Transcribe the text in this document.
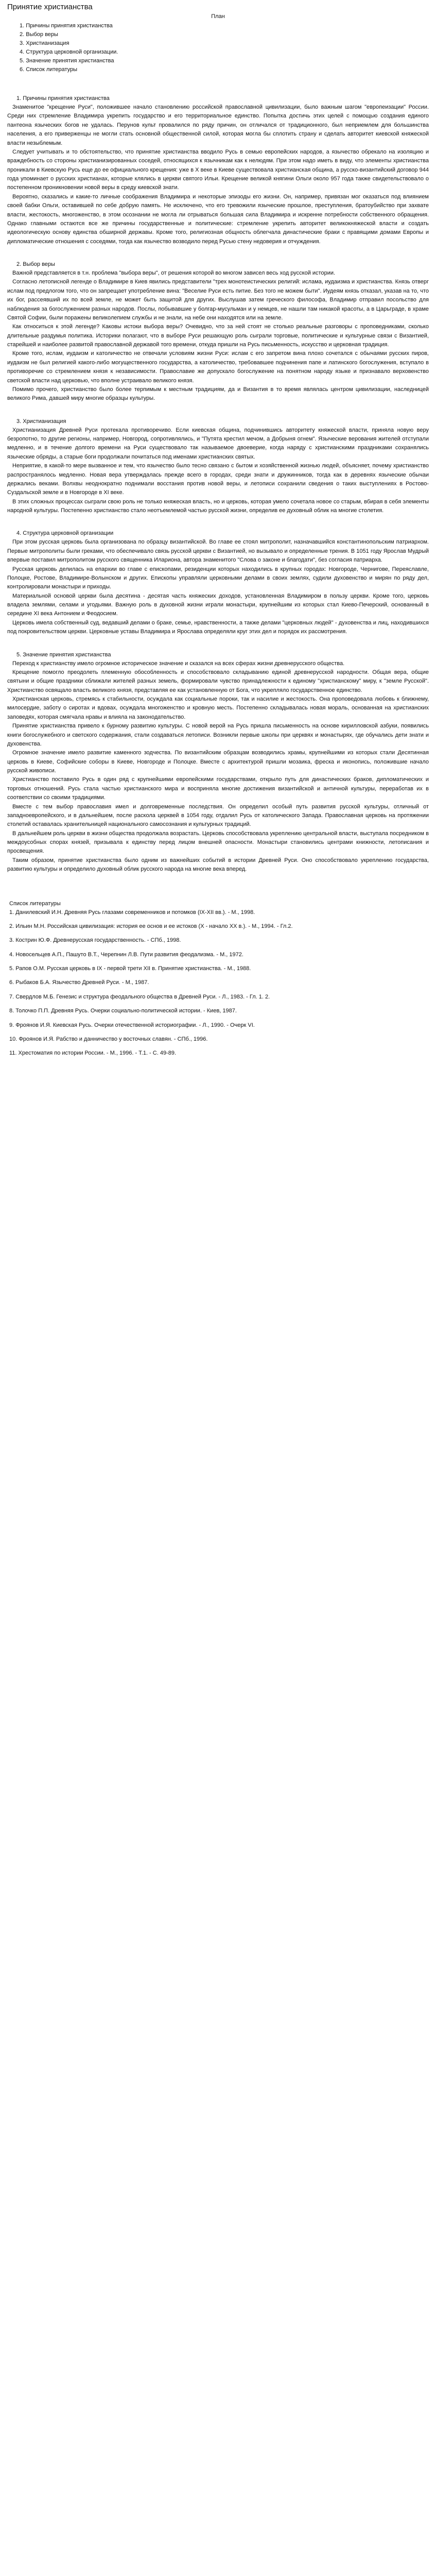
Принятие христианства
План
1. Причины принятия христианства
2. Выбор веры
3. Христианизация
4. Структура церковной организации.
5. Значение принятия христианства
6. Список литературы
1. Причины принятия христианства

Знаменитое "крещение Руси", положившее начало становлению российской православной цивилизации, было важным шагом "европеизации" России. Среди них стремление Владимира укрепить государство и его территориальное единство. Попытка достичь этих целей с помощью создания единого пантеона языческих богов не удалась. Перунов культ провалился по ряду причин, он отличался от традиционного, был неприемлем для большинства населения, а его приверженцы не могли стать основной общественной силой, которая могла бы сплотить страну и сделать авторитет киевской княжеской власти незыблемым.

Следует учитывать и то обстоятельство, что принятие христианства вводило Русь в семью европейских народов, а язычество обрекало на изоляцию и враждебность со стороны христианизированных соседей, относящихся к язычникам как к нелюдям. При этом надо иметь в виду, что элементы христианства проникали в Киевскую Русь еще до ее официального крещения: уже в X веке в Киеве существовала христианская община, а русско-византийский договор 944 года упоминает о русских христианах, которые клялись в церкви святого Ильи. Крещение великой княгини Ольги около 957 года также свидетельствовало о постепенном проникновении новой веры в среду киевской знати.

Вероятно, сказались и какие-то личные соображения Владимира и некоторые эпизоды его жизни. Он, например, привязан мог оказаться под влиянием своей бабки Ольги, оставившей по себе добрую память. Не исключено, что его тревожили языческие прошлое, преступления, братоубийство при захвате власти, жестокость, многоженство, в этом осознании не могла ли отрываться большая сила Владимира и искренне потребности собственного обращения. Однако главными остаются все же причины государственные и политические: стремление укрепить авторитет великокняжеской власти и создать идеологическую основу единства обширной державы. Кроме того, религиозная общность облегчала династические браки с правящими домами Европы и дипломатические отношения с соседями, тогда как язычество возводило перед Русью стену недоверия и отчуждения.

2. Выбор веры

Важной представляется в т.н. проблема "выбора веры", от решения которой во многом зависел весь ход русской истории.

Согласно летописной легенде о Владимире в Киев явились представители "трех монотеистических религий: ислама, иудаизма и христианства. Князь отверг ислам под предлогом того, что он запрещает употребление вина: "Веселие Руси есть питие. Без того не можем быти". Иудеям князь отказал, указав на то, что их бог, рассеявший их по всей земле, не может быть защитой для других. Выслушав затем греческого философа, Владимир отправил посольство для наблюдения за богослужением разных народов. Послы, побывавшие у болгар-мусульман и у немцев, не нашли там никакой красоты, а в Царьграде, в храме Святой Софии, были поражены великолепием службы и не знали, на небе они находятся или на земле.

Как относиться к этой легенде? Каковы истоки выбора веры? Очевидно, что за ней стоят не столько реальные разговоры с проповедниками, сколько длительные раздумья политика. Историки полагают, что в выборе Руси решающую роль сыграли торговые, политические и культурные связи с Византией, старейшей и наиболее развитой православной державой того времени, откуда пришли на Русь письменность, искусство и церковная традиция.

Кроме того, ислам, иудаизм и католичество не отвечали условиям жизни Руси: ислам с его запретом вина плохо сочетался с обычаями русских пиров, иудаизм не был религией какого-либо могущественного государства, а католичество, требовавшее подчинения папе и латинского богослужения, вступало в противоречие со стремлением князя к независимости. Православие же допускало богослужение на понятном народу языке и признавало верховенство светской власти над церковью, что вполне устраивало великого князя.

Помимо прочего, христианство было более терпимым к местным традициям, да и Византия в то время являлась центром цивилизации, наследницей великого Рима, давшей миру многие образцы культуры.

3. Христианизация

Христианизация Древней Руси протекала противоречиво. Если киевская община, подчинившись авторитету княжеской власти, приняла новую веру безропотно, то другие регионы, например, Новгород, сопротивлялись, и "Путята крестил мечом, а Добрыня огнем". Языческие верования жителей отступали медленно, и в течение долгого времени на Руси существовало так называемое двоеверие, когда наряду с христианскими праздниками сохранялись языческие обряды, а старые боги продолжали почитаться под именами христианских святых.

Неприятие, в какой-то мере вызванное и тем, что язычество было тесно связано с бытом и хозяйственной жизнью людей, объясняет, почему христианство распространялось медленно. Новая вера утверждалась прежде всего в городах, среди знати и дружинников, тогда как в деревнях языческие обычаи держались веками. Волхвы неоднократно поднимали восстания против новой веры, и летописи сохранили сведения о таких выступлениях в Ростово-Суздальской земле и в Новгороде в XI веке.

В этих сложных процессах сыграли свою роль не только княжеская власть, но и церковь, которая умело сочетала новое со старым, вбирая в себя элементы народной культуры. Постепенно христианство стало неотъемлемой частью русской жизни, определив ее духовный облик на многие столетия.

4. Структура церковной организации

При этом русская церковь была организована по образцу византийской. Во главе ее стоял митрополит, назначавшийся константинопольским патриархом. Первые митрополиты были греками, что обеспечивало связь русской церкви с Византией, но вызывало и определенные трения. В 1051 году Ярослав Мудрый впервые поставил митрополитом русского священника Илариона, автора знаменитого "Слова о законе и благодати", без согласия патриарха.

Русская церковь делилась на епархии во главе с епископами, резиденции которых находились в крупных городах: Новгороде, Чернигове, Переяславле, Полоцке, Ростове, Владимире-Волынском и других. Епископы управляли церковными делами в своих землях, судили духовенство и мирян по ряду дел, контролировали монастыри и приходы.

Материальной основой церкви была десятина - десятая часть княжеских доходов, установленная Владимиром в пользу церкви. Кроме того, церковь владела землями, селами и угодьями. Важную роль в духовной жизни играли монастыри, крупнейшим из которых стал Киево-Печерский, основанный в середине XI века Антонием и Феодосием.

Церковь имела собственный суд, ведавший делами о браке, семье, нравственности, а также делами "церковных людей" - духовенства и лиц, находившихся под покровительством церкви. Церковные уставы Владимира и Ярослава определяли круг этих дел и порядок их рассмотрения.

5. Значение принятия христианства

Переход к христианству имело огромное историческое значение и сказался на всех сферах жизни древнерусского общества.

Крещение помогло преодолеть племенную обособленность и способствовало складыванию единой древнерусской народности. Общая вера, общие святыни и общие праздники сближали жителей разных земель, формировали чувство принадлежности к единому "христианскому" миру, к "земле Русской". Христианство освящало власть великого князя, представляя ее как установленную от Бога, что укрепляло государственное единство.

Христианская церковь, стремясь к стабильности, осуждала как социальные пороки, так и насилие и жестокость. Она проповедовала любовь к ближнему, милосердие, заботу о сиротах и вдовах, осуждала многоженство и кровную месть. Постепенно складывалась новая мораль, основанная на христианских заповедях, которая смягчала нравы и влияла на законодательство.

Принятие христианства привело к бурному развитию культуры. С новой верой на Русь пришла письменность на основе кирилловской азбуки, появились книги богослужебного и светского содержания, стали создаваться летописи. Возникли первые школы при церквях и монастырях, где обучались дети знати и духовенства.

Огромное значение имело развитие каменного зодчества. По византийским образцам возводились храмы, крупнейшими из которых стали Десятинная церковь в Киеве, Софийские соборы в Киеве, Новгороде и Полоцке. Вместе с архитектурой пришли мозаика, фреска и иконопись, положившие начало русской живописи.

Христианство поставило Русь в один ряд с крупнейшими европейскими государствами, открыло путь для династических браков, дипломатических и торговых отношений. Русь стала частью христианского мира и восприняла многие достижения византийской и античной культуры, переработав их в соответствии со своими традициями.

Вместе с тем выбор православия имел и долговременные последствия. Он определил особый путь развития русской культуры, отличный от западноевропейского, и в дальнейшем, после раскола церквей в 1054 году, отдалил Русь от католического Запада. Православная церковь на протяжении столетий оставалась хранительницей национального самосознания и культурных традиций.

В дальнейшем роль церкви в жизни общества продолжала возрастать. Церковь способствовала укреплению центральной власти, выступала посредником в междоусобных спорах князей, призывала к единству перед лицом внешней опасности. Монастыри становились центрами книжности, летописания и просвещения.

Таким образом, принятие христианства было одним из важнейших событий в истории Древней Руси. Оно способствовало укреплению государства, развитию культуры и определило духовный облик русского народа на многие века вперед.

Список литературы
1. Данилевский И.Н. Древняя Русь глазами современников и потомков (IX-XII вв.). - М., 1998.
2. Ильин М.Н. Российская цивилизация: история ее основ и ее истоков (X - начало XX в.). - М., 1994. - Гл.2.
3. Кострин Ю.Ф. Древнерусская государственность. - СПб., 1998.
4. Новосельцев А.П., Пашуто В.Т., Черепнин Л.В. Пути развития феодализма. - М., 1972.
5. Рапов О.М. Русская церковь в IX - первой трети XII в. Принятие христианства. - М., 1988.
6. Рыбаков Б.А. Язычество Древней Руси. - М., 1987.
7. Свердлов М.Б. Генезис и структура феодального общества в Древней Руси. - Л., 1983. - Гл. 1. 2.
8. Толочко П.П. Древняя Русь. Очерки социально-политической истории. - Киев, 1987.
9. Фроянов И.Я. Киевская Русь. Очерки отечественной историографии. - Л., 1990. - Очерк VI.
10. Фроянов И.Я. Рабство и данничество у восточных славян. - СПб., 1996.
11. Хрестоматия по истории России. - М., 1996. - Т.1. - С. 49-89.
